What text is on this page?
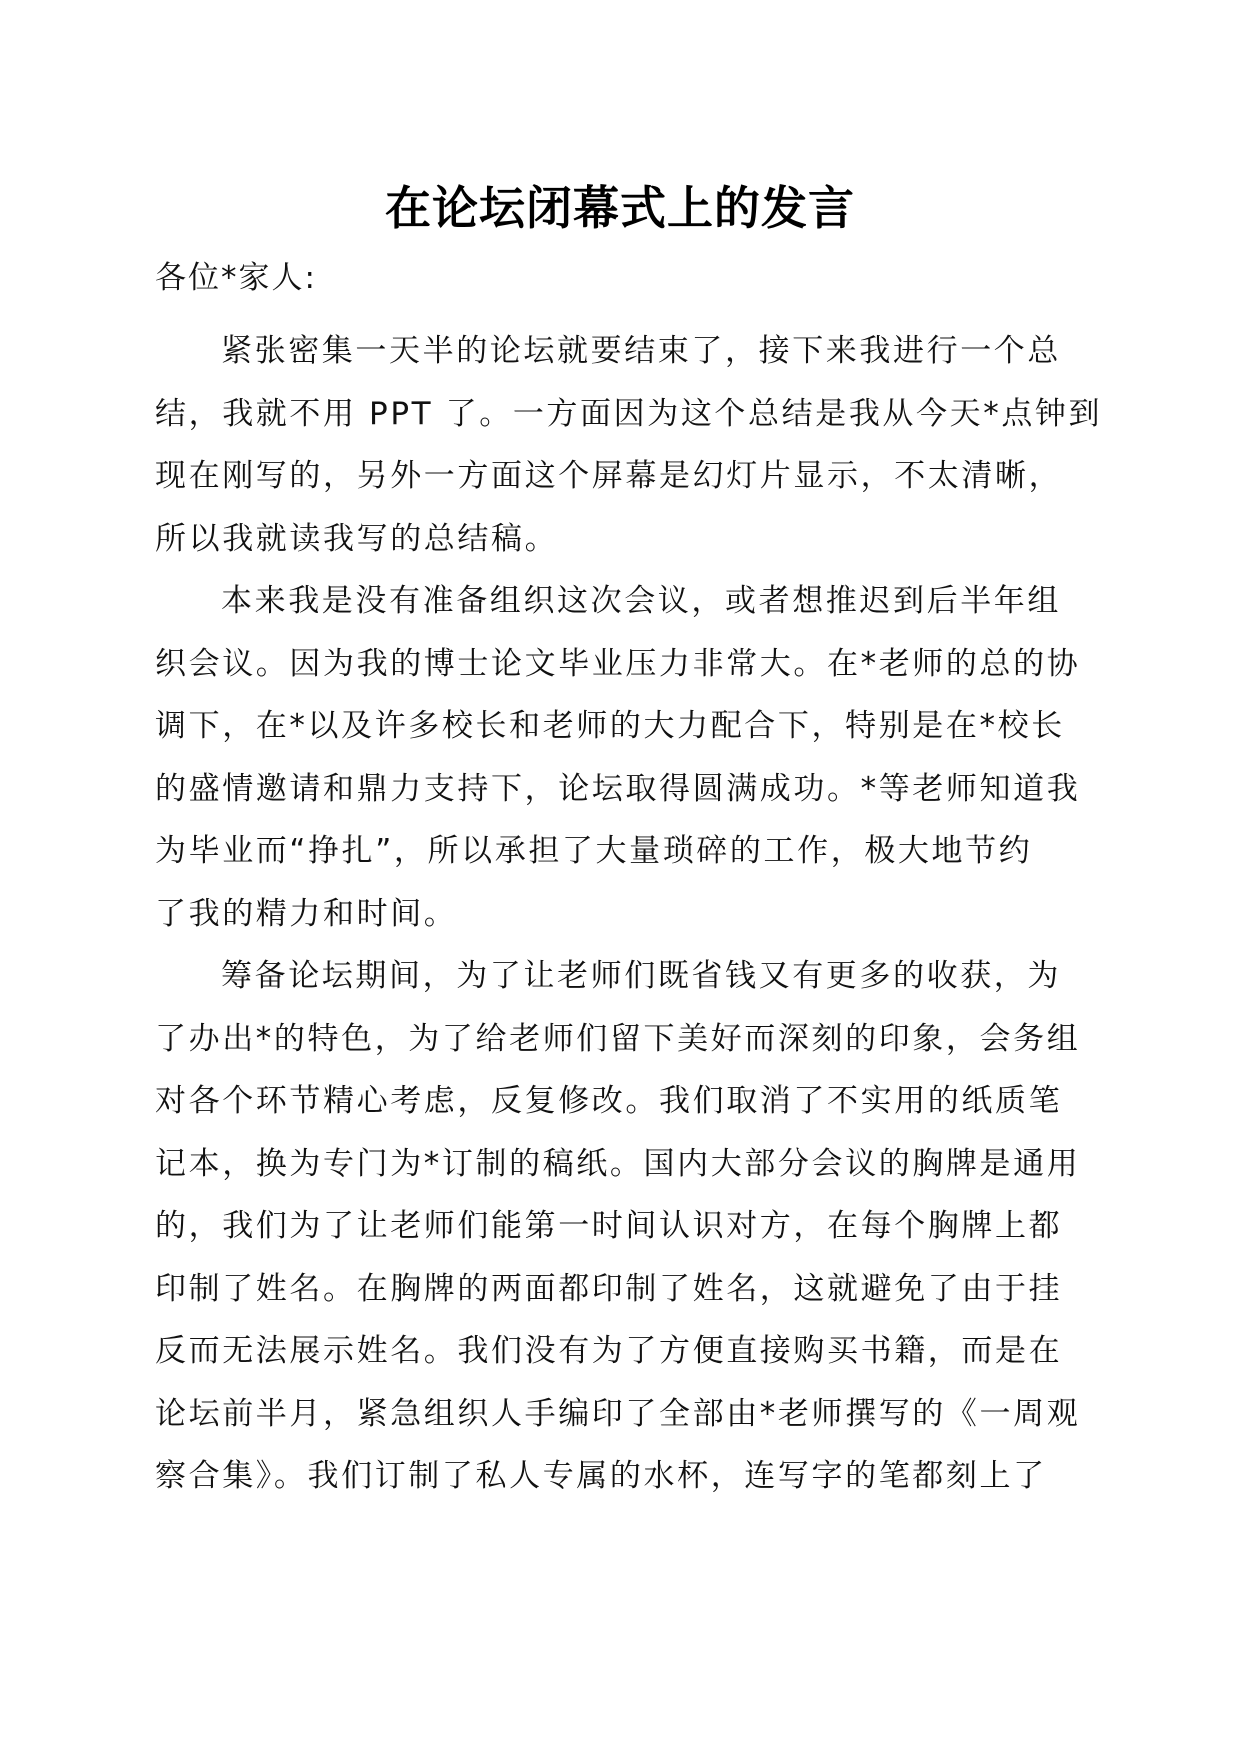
在论坛闭幕式上的发言
各位*家人:
紧张密集一天半的论坛就要结束了，接下来我进行一个总
结，我就不用 PPT 了。一方面因为这个总结是我从今天*点钟到
现在刚写的，另外一方面这个屏幕是幻灯片显示，不太清晰，
所以我就读我写的总结稿。
本来我是没有准备组织这次会议，或者想推迟到后半年组
织会议。因为我的博士论文毕业压力非常大。在*老师的总的协
调下，在*以及许多校长和老师的大力配合下，特别是在*校长
的盛情邀请和鼎力支持下，论坛取得圆满成功。*等老师知道我
为毕业而“挣扎”，所以承担了大量琐碎的工作，极大地节约
了我的精力和时间。
筹备论坛期间，为了让老师们既省钱又有更多的收获，为
了办出*的特色，为了给老师们留下美好而深刻的印象，会务组
对各个环节精心考虑，反复修改。我们取消了不实用的纸质笔
记本，换为专门为*订制的稿纸。国内大部分会议的胸牌是通用
的，我们为了让老师们能第一时间认识对方，在每个胸牌上都
印制了姓名。在胸牌的两面都印制了姓名，这就避免了由于挂
反而无法展示姓名。我们没有为了方便直接购买书籍，而是在
论坛前半月，紧急组织人手编印了全部由*老师撰写的《一周观
察合集》。我们订制了私人专属的水杯，连写字的笔都刻上了
